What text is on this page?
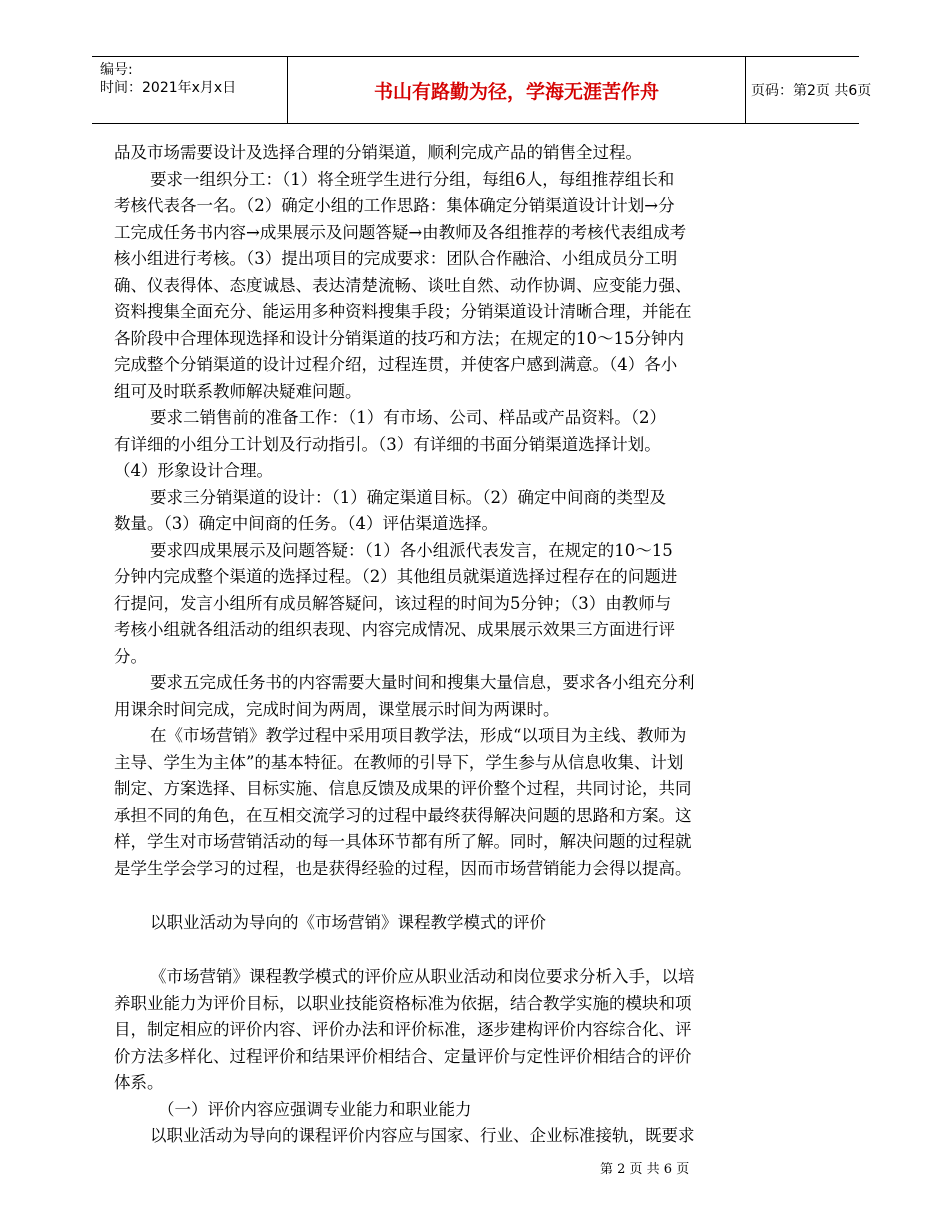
编号:
时间：2021年x月x日	书山有路勤为径，学海无涯苦作舟	页码：第2页 共6页
品及市场需要设计及选择合理的分销渠道，顺利完成产品的销售全过程。
要求一组织分工：（1）将全班学生进行分组，每组6人，每组推荐组长和
考核代表各一名。（2）确定小组的工作思路：集体确定分销渠道设计计划→分
工完成任务书内容→成果展示及问题答疑→由教师及各组推荐的考核代表组成考
核小组进行考核。（3）提出项目的完成要求：团队合作融洽、小组成员分工明
确、仪表得体、态度诚恳、表达清楚流畅、谈吐自然、动作协调、应变能力强、
资料搜集全面充分、能运用多种资料搜集手段；分销渠道设计清晰合理，并能在
各阶段中合理体现选择和设计分销渠道的技巧和方法；在规定的10～15分钟内
完成整个分销渠道的设计过程介绍，过程连贯，并使客户感到满意。（4）各小
组可及时联系教师解决疑难问题。
要求二销售前的准备工作：（1）有市场、公司、样品或产品资料。（2）
有详细的小组分工计划及行动指引。（3）有详细的书面分销渠道选择计划。
（4）形象设计合理。
要求三分销渠道的设计：（1）确定渠道目标。（2）确定中间商的类型及
数量。（3）确定中间商的任务。（4）评估渠道选择。
要求四成果展示及问题答疑：（1）各小组派代表发言，在规定的10～15
分钟内完成整个渠道的选择过程。（2）其他组员就渠道选择过程存在的问题进
行提问，发言小组所有成员解答疑问，该过程的时间为5分钟；（3）由教师与
考核小组就各组活动的组织表现、内容完成情况、成果展示效果三方面进行评
分。
要求五完成任务书的内容需要大量时间和搜集大量信息，要求各小组充分利
用课余时间完成，完成时间为两周，课堂展示时间为两课时。
在《市场营销》教学过程中采用项目教学法，形成“以项目为主线、教师为
主导、学生为主体”的基本特征。在教师的引导下，学生参与从信息收集、计划
制定、方案选择、目标实施、信息反馈及成果的评价整个过程，共同讨论，共同
承担不同的角色，在互相交流学习的过程中最终获得解决问题的思路和方案。这
样，学生对市场营销活动的每一具体环节都有所了解。同时，解决问题的过程就
是学生学会学习的过程，也是获得经验的过程，因而市场营销能力会得以提高。
以职业活动为导向的《市场营销》课程教学模式的评价
《市场营销》课程教学模式的评价应从职业活动和岗位要求分析入手，以培
养职业能力为评价目标，以职业技能资格标准为依据，结合教学实施的模块和项
目，制定相应的评价内容、评价办法和评价标准，逐步建构评价内容综合化、评
价方法多样化、过程评价和结果评价相结合、定量评价与定性评价相结合的评价
体系。
（一）评价内容应强调专业能力和职业能力
以职业活动为导向的课程评价内容应与国家、行业、企业标准接轨，既要求
第 2 页 共 6 页
